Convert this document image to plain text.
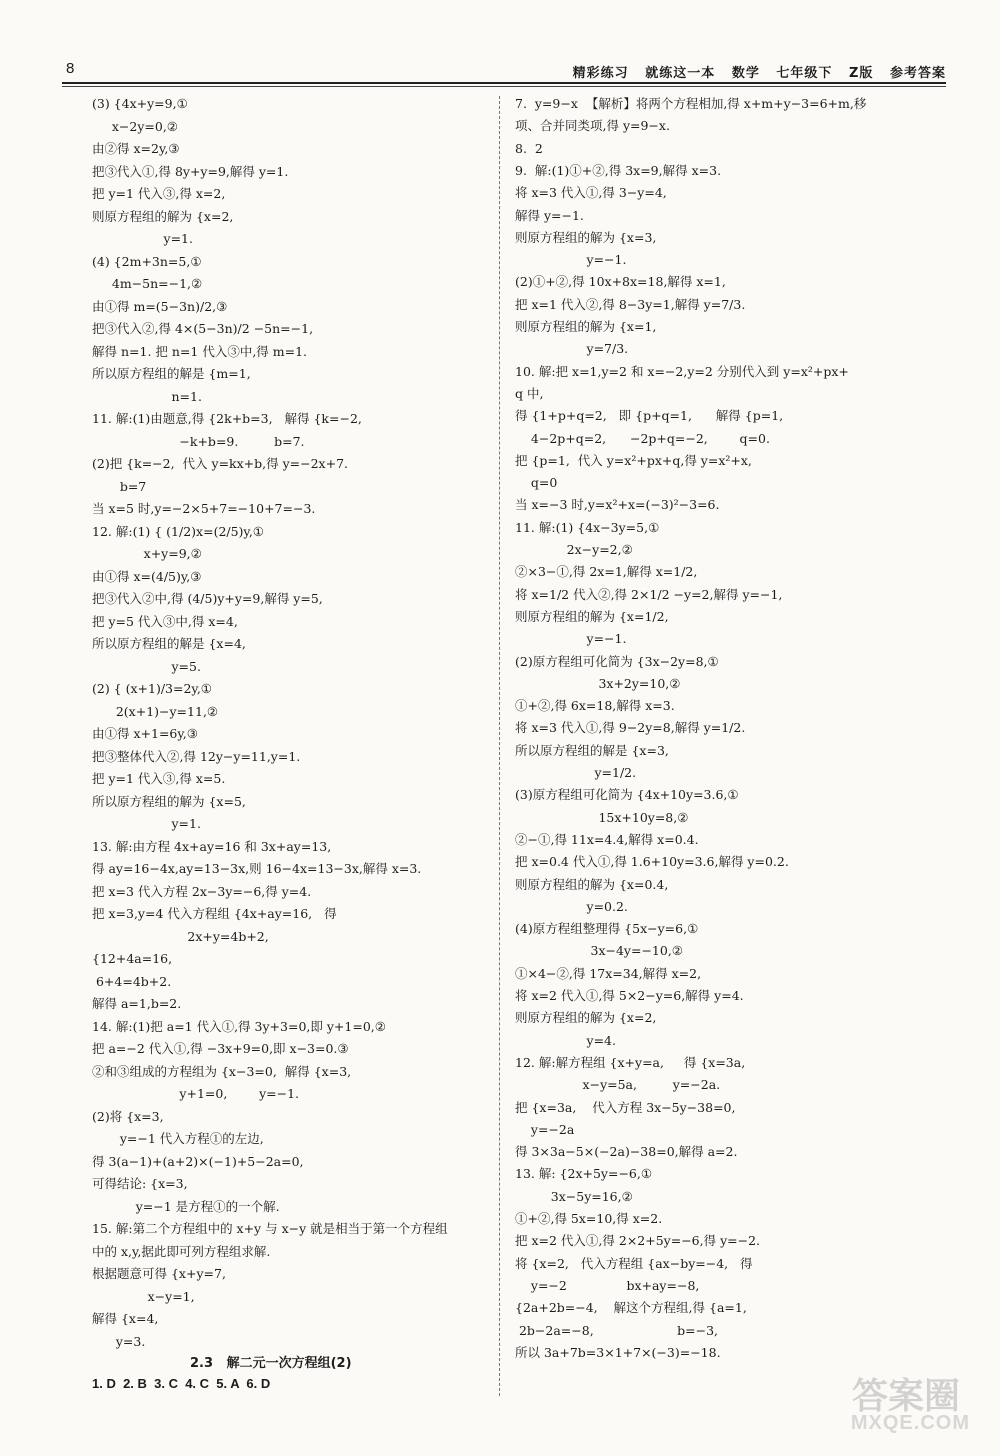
8	精彩练习   就练这一本   数学   七年级下   Z版   参考答案
(3) {4x+y=9,①
x−2y=0,②
由②得 x=2y,③
把③代入①,得 8y+y=9,解得 y=1.
把 y=1 代入③,得 x=2,
则原方程组的解为 {x=2,
y=1.
(4) {2m+3n=5,①
4m−5n=−1,②
由①得 m=(5−3n)/2,③
把③代入②,得 4×(5−3n)/2 −5n=−1,
解得 n=1. 把 n=1 代入③中,得 m=1.
所以原方程组的解是 {m=1,
n=1.
11. 解:(1)由题意,得 {2k+b=3,   解得 {k=−2,
−k+b=9.         b=7.
(2)把 {k=−2,  代入 y=kx+b,得 y=−2x+7.
b=7
当 x=5 时,y=−2×5+7=−10+7=−3.
12. 解:(1) { (1/2)x=(2/5)y,①
x+y=9,②
由①得 x=(4/5)y,③
把③代入②中,得 (4/5)y+y=9,解得 y=5,
把 y=5 代入③中,得 x=4,
所以原方程组的解是 {x=4,
y=5.
(2) { (x+1)/3=2y,①
2(x+1)−y=11,②
由①得 x+1=6y,③
把③整体代入②,得 12y−y=11,y=1.
把 y=1 代入③,得 x=5.
所以原方程组的解为 {x=5,
y=1.
13. 解:由方程 4x+ay=16 和 3x+ay=13,
得 ay=16−4x,ay=13−3x,则 16−4x=13−3x,解得 x=3.
把 x=3 代入方程 2x−3y=−6,得 y=4.
把 x=3,y=4 代入方程组 {4x+ay=16,   得
2x+y=4b+2,
{12+4a=16,
6+4=4b+2.
解得 a=1,b=2.
14. 解:(1)把 a=1 代入①,得 3y+3=0,即 y+1=0,②
把 a=−2 代入①,得 −3x+9=0,即 x−3=0.③
②和③组成的方程组为 {x−3=0,  解得 {x=3,
y+1=0,        y=−1.
(2)将 {x=3,
y=−1 代入方程①的左边,
得 3(a−1)+(a+2)×(−1)+5−2a=0,
可得结论: {x=3,
y=−1 是方程①的一个解.
15. 解:第二个方程组中的 x+y 与 x−y 就是相当于第一个方程组
中的 x,y,据此即可列方程组求解.
根据题意可得 {x+y=7,
x−y=1,
解得 {x=4,
y=3.
7.  y=9−x  【解析】将两个方程相加,得 x+m+y−3=6+m,移
项、合并同类项,得 y=9−x.
8.  2
9.  解:(1)①+②,得 3x=9,解得 x=3.
将 x=3 代入①,得 3−y=4,
解得 y=−1.
则原方程组的解为 {x=3,
y=−1.
(2)①+②,得 10x+8x=18,解得 x=1,
把 x=1 代入②,得 8−3y=1,解得 y=7/3.
则原方程组的解为 {x=1,
y=7/3.
10. 解:把 x=1,y=2 和 x=−2,y=2 分别代入到 y=x²+px+
q 中,
得 {1+p+q=2,   即 {p+q=1,      解得 {p=1,
4−2p+q=2,      −2p+q=−2,        q=0.
把 {p=1,  代入 y=x²+px+q,得 y=x²+x,
q=0
当 x=−3 时,y=x²+x=(−3)²−3=6.
11. 解:(1) {4x−3y=5,①
2x−y=2,②
②×3−①,得 2x=1,解得 x=1/2,
将 x=1/2 代入②,得 2×1/2 −y=2,解得 y=−1,
则原方程组的解为 {x=1/2,
y=−1.
(2)原方程组可化简为 {3x−2y=8,①
3x+2y=10,②
①+②,得 6x=18,解得 x=3.
将 x=3 代入①,得 9−2y=8,解得 y=1/2.
所以原方程组的解是 {x=3,
y=1/2.
(3)原方程组可化简为 {4x+10y=3.6,①
15x+10y=8,②
②−①,得 11x=4.4,解得 x=0.4.
把 x=0.4 代入①,得 1.6+10y=3.6,解得 y=0.2.
则原方程组的解为 {x=0.4,
y=0.2.
(4)原方程组整理得 {5x−y=6,①
3x−4y=−10,②
①×4−②,得 17x=34,解得 x=2,
将 x=2 代入①,得 5×2−y=6,解得 y=4.
则原方程组的解为 {x=2,
y=4.
12. 解:解方程组 {x+y=a,     得 {x=3a,
x−y=5a,         y=−2a.
把 {x=3a,    代入方程 3x−5y−38=0,
y=−2a
得 3×3a−5×(−2a)−38=0,解得 a=2.
13. 解: {2x+5y=−6,①
3x−5y=16,②
①+②,得 5x=10,得 x=2.
把 x=2 代入①,得 2×2+5y=−6,得 y=−2.
将 {x=2,   代入方程组 {ax−by=−4,   得
y=−2               bx+ay=−8,
{2a+2b=−4,    解这个方程组,得 {a=1,
2b−2a=−8,                     b=−3,
所以 3a+7b=3×1+7×(−3)=−18.
2.3   解二元一次方程组(2)
1. D  2. B  3. C  4. C  5. A  6. D	答案圈
MXQE.COM
